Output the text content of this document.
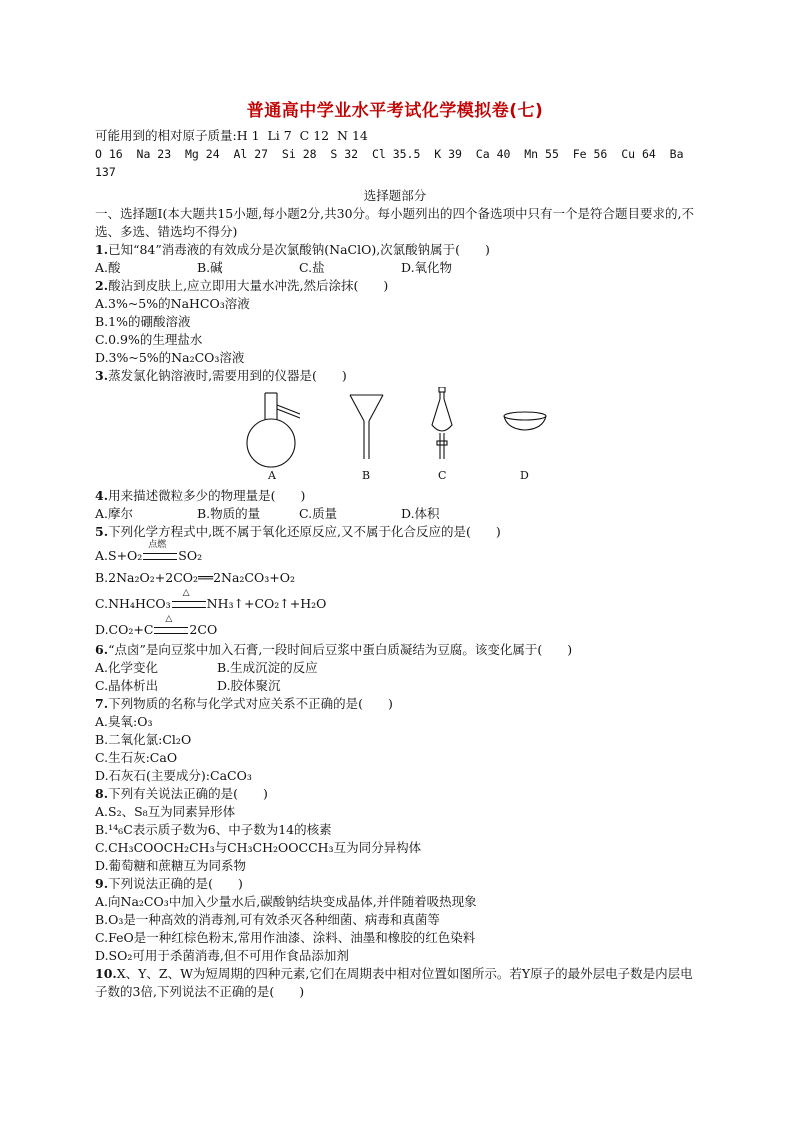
普通高中学业水平考试化学模拟卷(七)
可能用到的相对原子质量:H 1  Li 7  C 12  N 14
O 16  Na 23  Mg 24  Al 27  Si 28  S 32  Cl 35.5  K 39  Ca 40  Mn 55  Fe 56  Cu 64  Ba
137
选择题部分
一、选择题Ⅰ(本大题共15小题,每小题2分,共30分。每小题列出的四个备选项中只有一个是符合题目要求的,不选、多选、错选均不得分)
1.已知“84”消毒液的有效成分是次氯酸钠(NaClO),次氯酸钠属于(　　)
A.酸	B.碱	C.盐	D.氧化物
2.酸沾到皮肤上,应立即用大量水冲洗,然后涂抹(　　)
A.3%~5%的NaHCO₃溶液
B.1%的硼酸溶液
C.0.9%的生理盐水
D.3%~5%的Na₂CO₃溶液
3.蒸发氯化钠溶液时,需要用到的仪器是(　　)
A	B	C	D
4.用来描述微粒多少的物理量是(　　)
A.摩尔	B.物质的量	C.质量	D.体积
5.下列化学方程式中,既不属于氧化还原反应,又不属于化合反应的是(　　)
A.S+O₂
点燃
SO₂
B.2Na₂O₂+2CO₂══2Na₂CO₃+O₂
C.NH₄HCO₃
△
NH₃↑+CO₂↑+H₂O
D.CO₂+C
△
2CO
6.“点卤”是向豆浆中加入石膏,一段时间后豆浆中蛋白质凝结为豆腐。该变化属于(　　)
A.化学变化	B.生成沉淀的反应
C.晶体析出	D.胶体聚沉
7.下列物质的名称与化学式对应关系不正确的是(　　)
A.臭氧:O₃
B.二氧化氯:Cl₂O
C.生石灰:CaO
D.石灰石(主要成分):CaCO₃
8.下列有关说法正确的是(　　)
A.S₂、S₈互为同素异形体
B.¹⁴₆C表示质子数为6、中子数为14的核素
C.CH₃COOCH₂CH₃与CH₃CH₂OOCCH₃互为同分异构体
D.葡萄糖和蔗糖互为同系物
9.下列说法正确的是(　　)
A.向Na₂CO₃中加入少量水后,碳酸钠结块变成晶体,并伴随着吸热现象
B.O₃是一种高效的消毒剂,可有效杀灭各种细菌、病毒和真菌等
C.FeO是一种红棕色粉末,常用作油漆、涂料、油墨和橡胶的红色染料
D.SO₂可用于杀菌消毒,但不可用作食品添加剂
10.X、Y、Z、W为短周期的四种元素,它们在周期表中相对位置如图所示。若Y原子的最外层电子数是内层电子数的3倍,下列说法不正确的是(　　)
